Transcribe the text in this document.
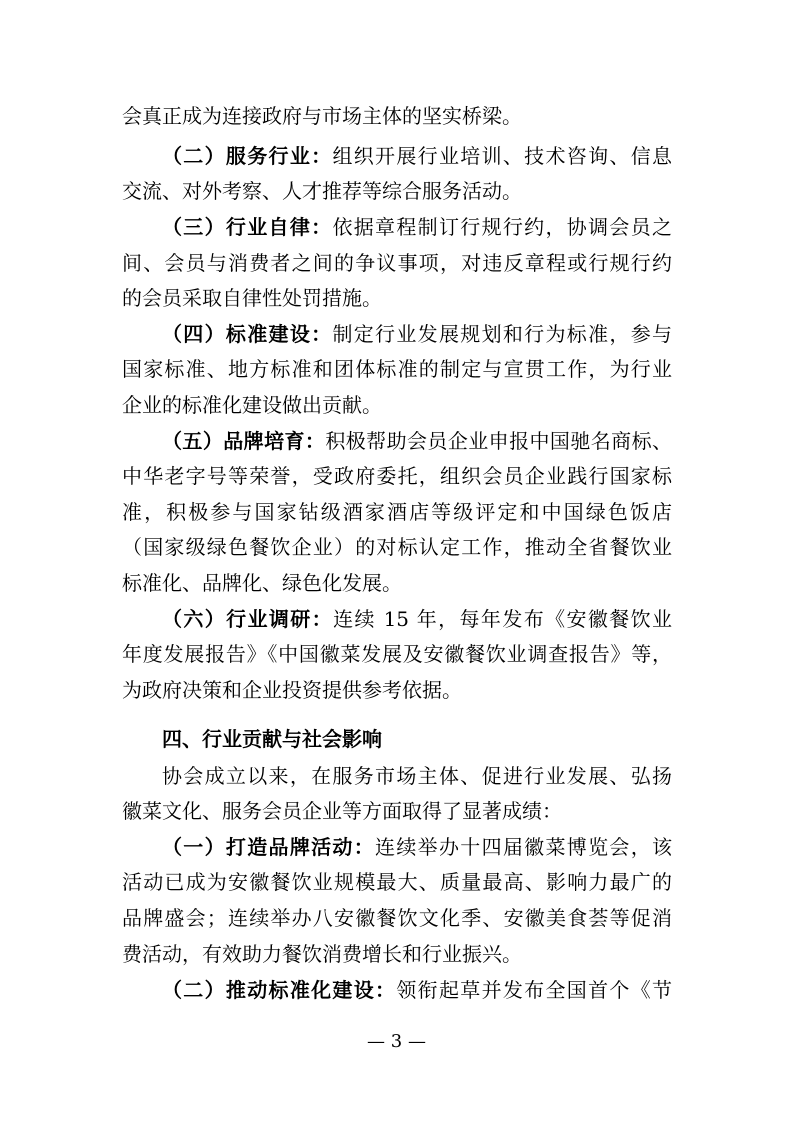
会真正成为连接政府与市场主体的坚实桥梁。
（二）服务行业：组织开展行业培训、技术咨询、信息
交流、对外考察、人才推荐等综合服务活动。
（三）行业自律：依据章程制订行规行约，协调会员之
间、会员与消费者之间的争议事项，对违反章程或行规行约
的会员采取自律性处罚措施。
（四）标准建设：制定行业发展规划和行为标准，参与
国家标准、地方标准和团体标准的制定与宣贯工作，为行业
企业的标准化建设做出贡献。
（五）品牌培育：积极帮助会员企业申报中国驰名商标、
中华老字号等荣誉，受政府委托，组织会员企业践行国家标
准，积极参与国家钻级酒家酒店等级评定和中国绿色饭店
（国家级绿色餐饮企业）的对标认定工作，推动全省餐饮业
标准化、品牌化、绿色化发展。
（六）行业调研：连续 15 年，每年发布《安徽餐饮业
年度发展报告》《中国徽菜发展及安徽餐饮业调查报告》等，
为政府决策和企业投资提供参考依据。
四、行业贡献与社会影响
协会成立以来，在服务市场主体、促进行业发展、弘扬
徽菜文化、服务会员企业等方面取得了显著成绩：
（一）打造品牌活动：连续举办十四届徽菜博览会，该
活动已成为安徽餐饮业规模最大、质量最高、影响力最广的
品牌盛会；连续举办八安徽餐饮文化季、安徽美食荟等促消
费活动，有效助力餐饮消费增长和行业振兴。
（二）推动标准化建设：领衔起草并发布全国首个《节
— 3 —
